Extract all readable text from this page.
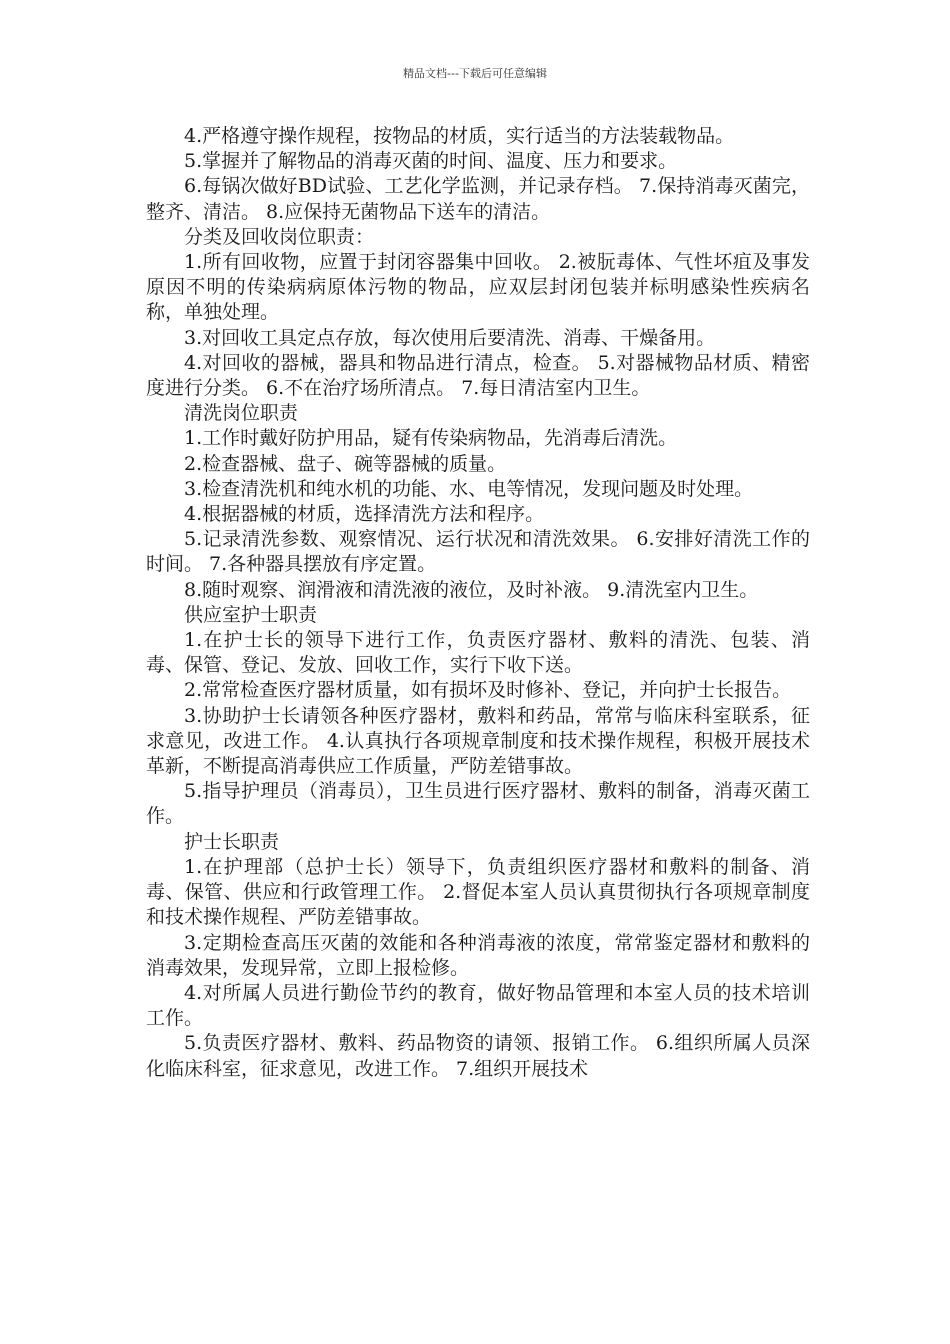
精品文档---下载后可任意编辑

4.严格遵守操作规程，按物品的材质，实行适当的方法装载物品。

5.掌握并了解物品的消毒灭菌的时间、温度、压力和要求。

6.每锅次做好BD试验、工艺化学监测，并记录存档。 7.保持消毒灭菌完，整齐、清洁。 8.应保持无菌物品下送车的清洁。

分类及回收岗位职责：

1.所有回收物，应置于封闭容器集中回收。 2.被朊毒体、气性坏疽及事发原因不明的传染病病原体污物的物品，应双层封闭包装并标明感染性疾病名称，单独处理。

3.对回收工具定点存放，每次使用后要清洗、消毒、干燥备用。

4.对回收的器械，器具和物品进行清点，检查。 5.对器械物品材质、精密度进行分类。 6.不在治疗场所清点。 7.每日清洁室内卫生。

清洗岗位职责

1.工作时戴好防护用品，疑有传染病物品，先消毒后清洗。

2.检查器械、盘子、碗等器械的质量。

3.检查清洗机和纯水机的功能、水、电等情况，发现问题及时处理。

4.根据器械的材质，选择清洗方法和程序。

5.记录清洗参数、观察情况、运行状况和清洗效果。 6.安排好清洗工作的时间。 7.各种器具摆放有序定置。

8.随时观察、润滑液和清洗液的液位，及时补液。 9.清洗室内卫生。

供应室护士职责

1.在护士长的领导下进行工作，负责医疗器材、敷料的清洗、包装、消毒、保管、登记、发放、回收工作，实行下收下送。

2.常常检查医疗器材质量，如有损坏及时修补、登记，并向护士长报告。

3.协助护士长请领各种医疗器材，敷料和药品，常常与临床科室联系，征求意见，改进工作。 4.认真执行各项规章制度和技术操作规程，积极开展技术革新，不断提高消毒供应工作质量，严防差错事故。

5.指导护理员（消毒员），卫生员进行医疗器材、敷料的制备，消毒灭菌工作。

护士长职责

1.在护理部（总护士长）领导下，负责组织医疗器材和敷料的制备、消毒、保管、供应和行政管理工作。 2.督促本室人员认真贯彻执行各项规章制度和技术操作规程、严防差错事故。

3.定期检查高压灭菌的效能和各种消毒液的浓度，常常鉴定器材和敷料的消毒效果，发现异常，立即上报检修。

4.对所属人员进行勤俭节约的教育，做好物品管理和本室人员的技术培训工作。

5.负责医疗器材、敷料、药品物资的请领、报销工作。 6.组织所属人员深化临床科室，征求意见，改进工作。 7.组织开展技术
